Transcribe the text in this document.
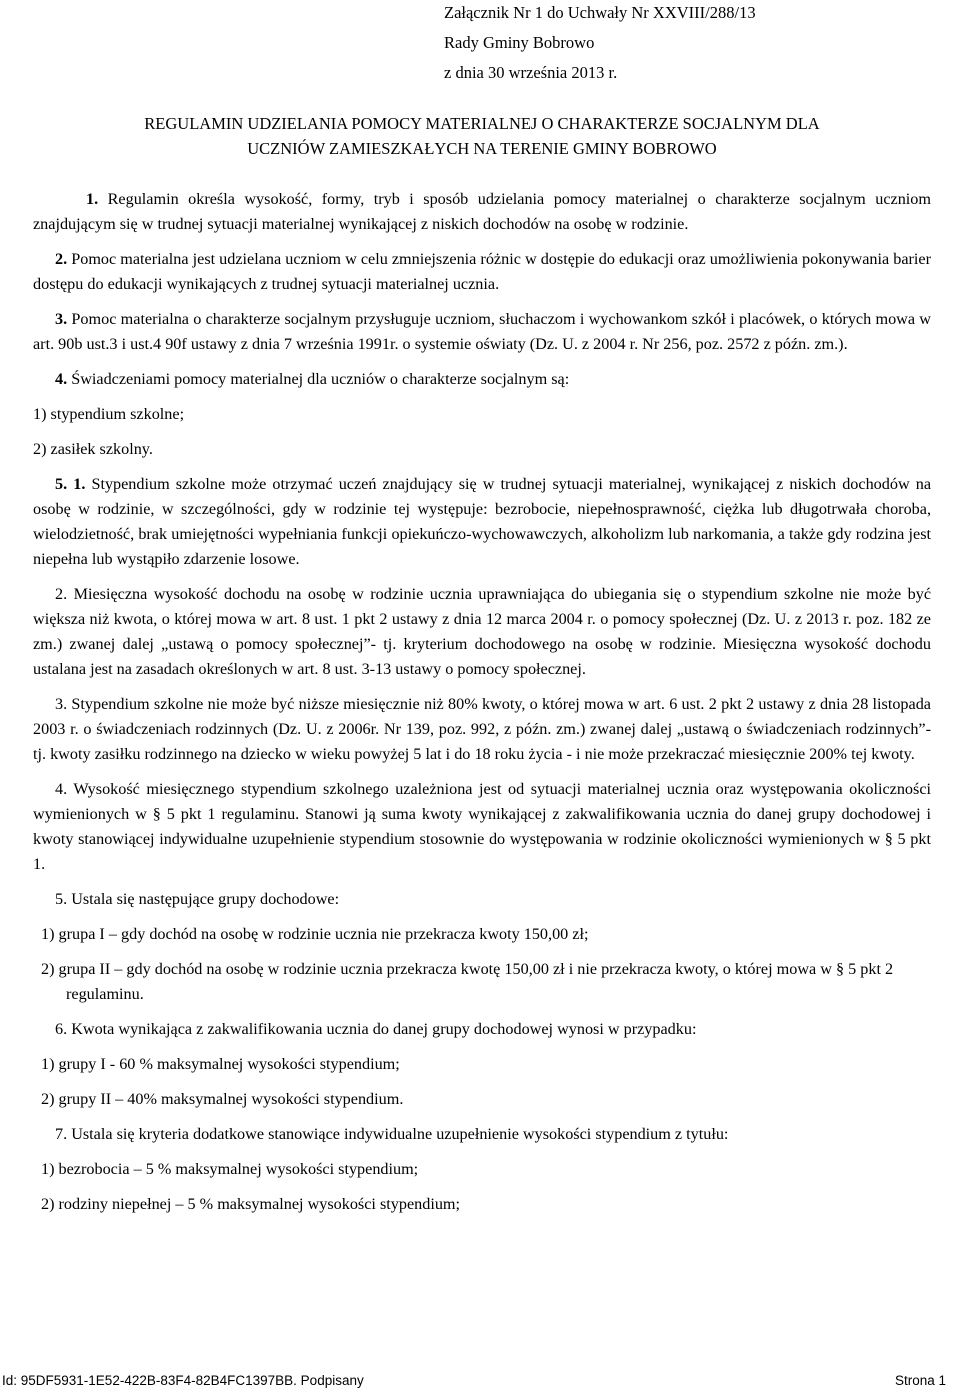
Załącznik Nr 1 do Uchwały Nr XXVIII/288/13
Rady Gminy Bobrowo
z dnia 30 września 2013 r.
REGULAMIN UDZIELANIA POMOCY MATERIALNEJ O CHARAKTERZE SOCJALNYM DLA
UCZNIÓW ZAMIESZKAŁYCH NA TERENIE GMINY BOBROWO

1. Regulamin określa wysokość, formy, tryb i sposób udzielania pomocy materialnej o charakterze socjalnym uczniom znajdującym się w trudnej sytuacji materialnej wynikającej z niskich dochodów na osobę w rodzinie.

2. Pomoc materialna jest udzielana uczniom w celu zmniejszenia różnic w dostępie do edukacji oraz umożliwienia pokonywania barier dostępu do edukacji wynikających z trudnej sytuacji materialnej ucznia.

3. Pomoc materialna o charakterze socjalnym przysługuje uczniom, słuchaczom i wychowankom szkół i placówek, o których mowa w art. 90b ust.3 i ust.4 90f ustawy z dnia 7 września 1991r. o systemie oświaty (Dz. U. z 2004 r. Nr 256, poz. 2572 z późn. zm.).

4. Świadczeniami pomocy materialnej dla uczniów o charakterze socjalnym są:

1) stypendium szkolne;

2) zasiłek szkolny.

5. 1. Stypendium szkolne może otrzymać uczeń znajdujący się w trudnej sytuacji materialnej, wynikającej z niskich dochodów na osobę w rodzinie, w szczególności, gdy w rodzinie tej występuje: bezrobocie, niepełnosprawność, ciężka lub długotrwała choroba, wielodzietność, brak umiejętności wypełniania funkcji opiekuńczo-wychowawczych, alkoholizm lub narkomania, a także gdy rodzina jest niepełna lub wystąpiło zdarzenie losowe.

2. Miesięczna wysokość dochodu na osobę w rodzinie ucznia uprawniająca do ubiegania się o stypendium szkolne nie może być większa niż kwota, o której mowa w art. 8 ust. 1 pkt 2 ustawy z dnia 12 marca 2004 r. o pomocy społecznej (Dz. U. z 2013 r. poz. 182 ze zm.) zwanej dalej „ustawą o pomocy społecznej”- tj. kryterium dochodowego na osobę w rodzinie. Miesięczna wysokość dochodu ustalana jest na zasadach określonych w art. 8 ust. 3-13 ustawy o pomocy społecznej.

3. Stypendium szkolne nie może być niższe miesięcznie niż 80% kwoty, o której mowa w art. 6 ust. 2 pkt 2 ustawy z dnia 28 listopada 2003 r. o świadczeniach rodzinnych (Dz. U. z 2006r. Nr 139, poz. 992, z późn. zm.) zwanej dalej „ustawą o świadczeniach rodzinnych”- tj. kwoty zasiłku rodzinnego na dziecko w wieku powyżej 5 lat i do 18 roku życia - i nie może przekraczać miesięcznie 200% tej kwoty.

4. Wysokość miesięcznego stypendium szkolnego uzależniona jest od sytuacji materialnej ucznia oraz występowania okoliczności wymienionych w § 5 pkt 1 regulaminu. Stanowi ją suma kwoty wynikającej z zakwalifikowania ucznia do danej grupy dochodowej i kwoty stanowiącej indywidualne uzupełnienie stypendium stosownie do występowania w rodzinie okoliczności wymienionych w § 5 pkt 1.

5. Ustala się następujące grupy dochodowe:

1) grupa I – gdy dochód na osobę w rodzinie ucznia nie przekracza kwoty 150,00 zł;

2) grupa II – gdy dochód na osobę w rodzinie ucznia przekracza kwotę 150,00 zł i nie przekracza kwoty, o której mowa w § 5 pkt 2 regulaminu.

6. Kwota wynikająca z zakwalifikowania ucznia do danej grupy dochodowej wynosi w przypadku:

1) grupy I - 60 % maksymalnej wysokości stypendium;

2) grupy II – 40% maksymalnej wysokości stypendium.

7. Ustala się kryteria dodatkowe stanowiące indywidualne uzupełnienie wysokości stypendium z tytułu:

1) bezrobocia – 5 % maksymalnej wysokości stypendium;

2) rodziny niepełnej – 5 % maksymalnej wysokości stypendium;

Id: 95DF5931-1E52-422B-83F4-82B4FC1397BB. Podpisany	Strona 1
